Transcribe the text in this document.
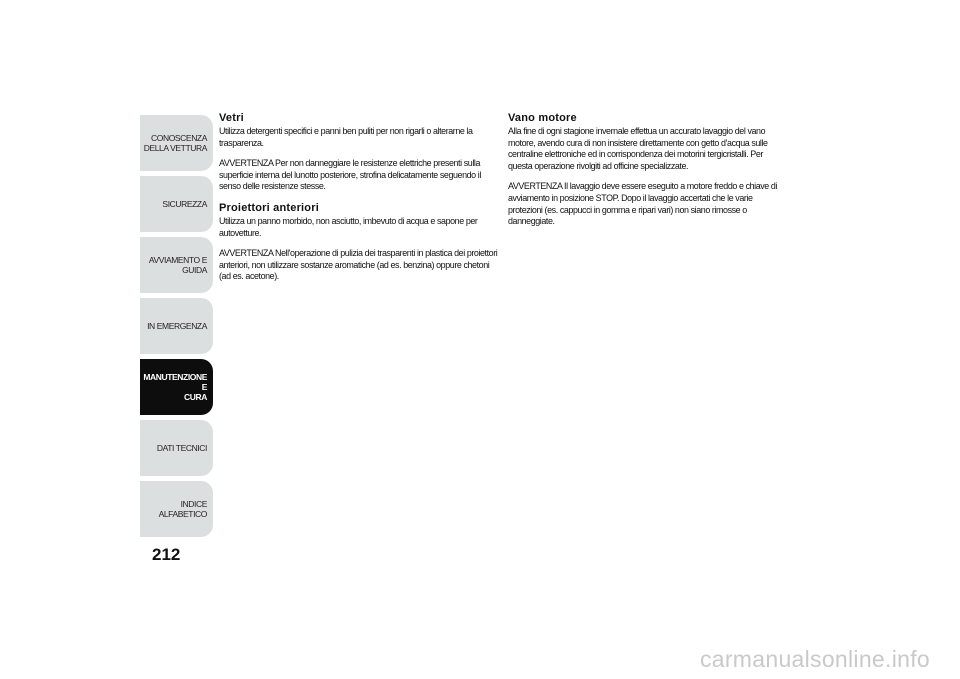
CONOSCENZA
DELLA VETTURA
SICUREZZA
AVVIAMENTO E
GUIDA
IN EMERGENZA
MANUTENZIONE E
CURA
DATI TECNICI
INDICE ALFABETICO
212
Vetri

Utilizza detergenti specifici e panni ben puliti per non rigarli o alterarne la trasparenza.

AVVERTENZA Per non danneggiare le resistenze elettriche presenti sulla superficie interna del lunotto posteriore, strofina delicatamente seguendo il senso delle resistenze stesse.

Proiettori anteriori

Utilizza un panno morbido, non asciutto, imbevuto di acqua e sapone per autovetture.

AVVERTENZA Nell'operazione di pulizia dei trasparenti in plastica dei proiettori anteriori, non utilizzare sostanze aromatiche (ad es. benzina) oppure chetoni (ad es. acetone).

Vano motore

Alla fine di ogni stagione invernale effettua un accurato lavaggio del vano motore, avendo cura di non insistere direttamente con getto d’acqua sulle centraline elettroniche ed in corrispondenza dei motorini tergicristalli. Per questa operazione rivolgiti ad officine specializzate.

AVVERTENZA Il lavaggio deve essere eseguito a motore freddo e chiave di avviamento in posizione STOP. Dopo il lavaggio accertati che le varie protezioni (es. cappucci in gomma e ripari vari) non siano rimosse o danneggiate.

carmanualsonline.info
